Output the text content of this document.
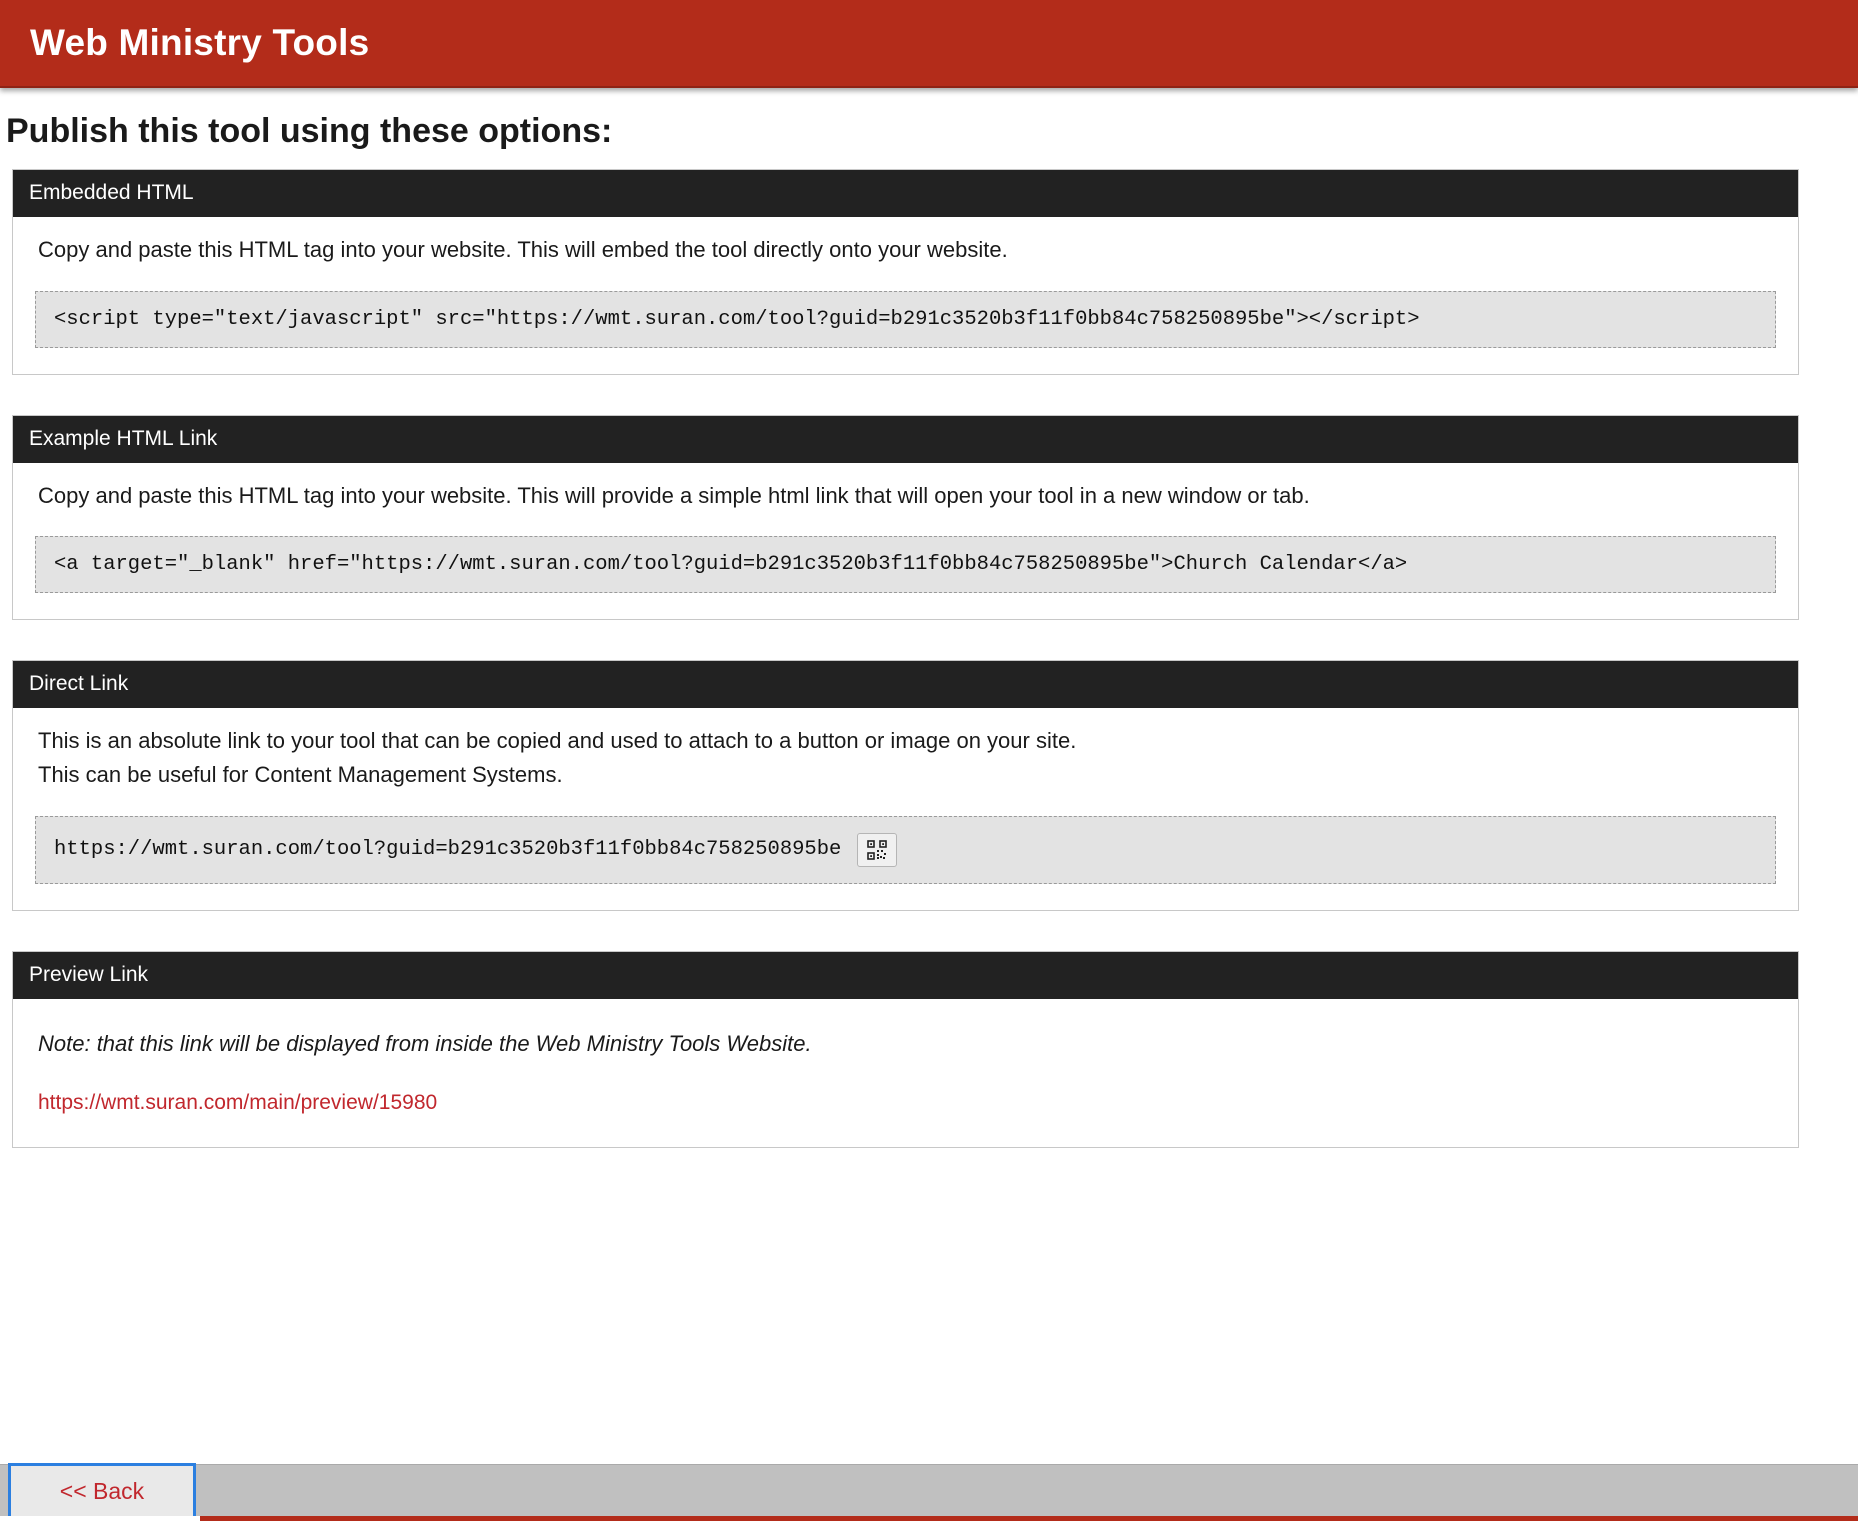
Web Ministry Tools
Publish this tool using these options:
Embedded HTML

Copy and paste this HTML tag into your website. This will embed the tool directly onto your website.

<script type="text/javascript" src="https://wmt.suran.com/tool?guid=b291c3520b3f11f0bb84c758250895be"></script>
Example HTML Link

Copy and paste this HTML tag into your website. This will provide a simple html link that will open your tool in a new window or tab.

<a target="_blank" href="https://wmt.suran.com/tool?guid=b291c3520b3f11f0bb84c758250895be">Church Calendar</a>
Direct Link

This is an absolute link to your tool that can be copied and used to attach to a button or image on your site.

This can be useful for Content Management Systems.

https://wmt.suran.com/tool?guid=b291c3520b3f11f0bb84c758250895be
Preview Link

Note: that this link will be displayed from inside the Web Ministry Tools Website.

https://wmt.suran.com/main/preview/15980
<< Back
